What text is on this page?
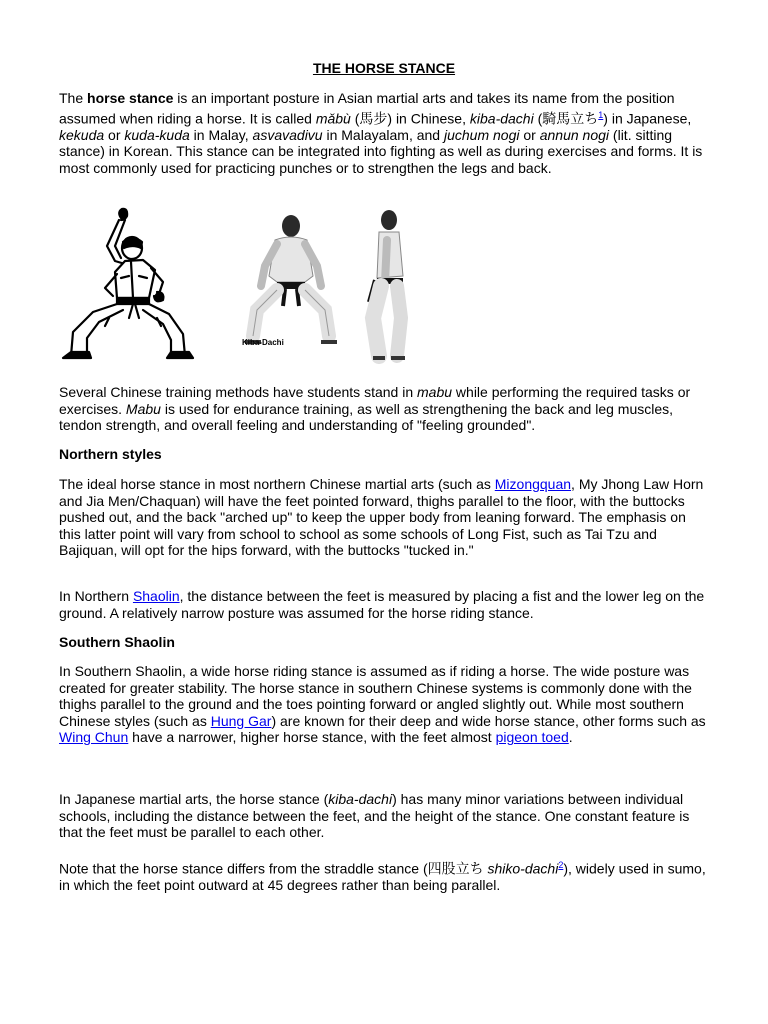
THE HORSE STANCE

The horse stance is an important posture in Asian martial arts and takes its name from the position assumed when riding a horse. It is called mǎbù (馬步) in Chinese, kiba-dachi (騎馬立ち$^1$) in Japanese, kekuda or kuda-kuda in Malay, asvavadivu in Malayalam, and juchum nogi or annun nogi (lit. sitting stance) in Korean. This stance can be integrated into fighting as well as during exercises and forms. It is most commonly used for practicing punches or to strengthen the legs and back.

Kiba-Dachi

Several Chinese training methods have students stand in mabu while performing the required tasks or exercises. Mabu is used for endurance training, as well as strengthening the back and leg muscles, tendon strength, and overall feeling and understanding of "feeling grounded".

Northern styles

The ideal horse stance in most northern Chinese martial arts (such as Mizongquan, My Jhong Law Horn and Jia Men/Chaquan) will have the feet pointed forward, thighs parallel to the floor, with the buttocks pushed out, and the back "arched up" to keep the upper body from leaning forward. The emphasis on this latter point will vary from school to school as some schools of Long Fist, such as Tai Tzu and Bajiquan, will opt for the hips forward, with the buttocks "tucked in."

In Northern Shaolin, the distance between the feet is measured by placing a fist and the lower leg on the ground. A relatively narrow posture was assumed for the horse riding stance.

Southern Shaolin

In Southern Shaolin, a wide horse riding stance is assumed as if riding a horse. The wide posture was created for greater stability. The horse stance in southern Chinese systems is commonly done with the thighs parallel to the ground and the toes pointing forward or angled slightly out. While most southern Chinese styles (such as Hung Gar) are known for their deep and wide horse stance, other forms such as Wing Chun have a narrower, higher horse stance, with the feet almost pigeon toed.

In Japanese martial arts, the horse stance (kiba-dachi) has many minor variations between individual schools, including the distance between the feet, and the height of the stance. One constant feature is that the feet must be parallel to each other.

Note that the horse stance differs from the straddle stance (四股立ち shiko-dachi$^2$), widely used in sumo, in which the feet point outward at 45 degrees rather than being parallel.
